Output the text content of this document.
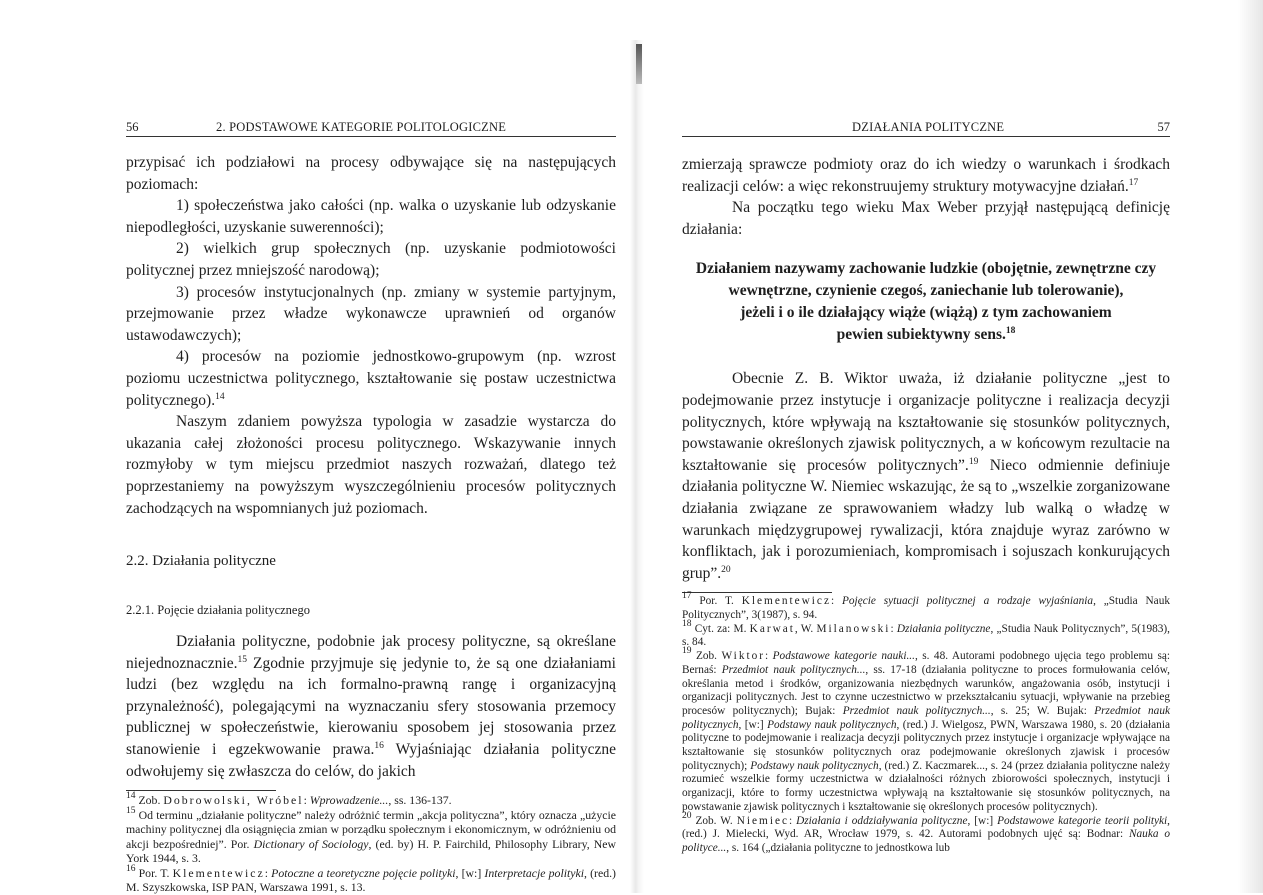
56	2. PODSTAWOWE KATEGORIE POLITOLOGICZNE

przypisać ich podziałowi na procesy odbywające się na następujących poziomach:

1) społeczeństwa jako całości (np. walka o uzyskanie lub odzyskanie niepodległości, uzyskanie suwerenności);

2) wielkich grup społecznych (np. uzyskanie podmiotowości politycznej przez mniejszość narodową);

3) procesów instytucjonalnych (np. zmiany w systemie partyjnym, przejmowanie przez władze wykonawcze uprawnień od organów ustawodawczych);

4) procesów na poziomie jednostkowo-grupowym (np. wzrost poziomu uczestnictwa politycznego, kształtowanie się postaw uczestnictwa politycznego).$^{14}$

Naszym zdaniem powyższa typologia w zasadzie wystarcza do ukazania całej złożoności procesu politycznego. Wskazywanie innych rozmyłoby w tym miejscu przedmiot naszych rozważań, dlatego też poprzestaniemy na powyższym wyszczególnieniu procesów politycznych zachodzących na wspomnianych już poziomach.

2.2. Działania polityczne
2.2.1. Pojęcie działania politycznego

Działania polityczne, podobnie jak procesy polityczne, są określane niejednoznacznie.$^{15}$ Zgodnie przyjmuje się jedynie to, że są one działaniami ludzi (bez względu na ich formalno-prawną rangę i organizacyjną przynależność), polegającymi na wyznaczaniu sfery stosowania przemocy publicznej w społeczeństwie, kierowaniu sposobem jej stosowania przez stanowienie i egzekwowanie prawa.$^{16}$ Wyjaśniając działania polityczne odwołujemy się zwłaszcza do celów, do jakich

$^{14}$ Zob. Dobrowolski, Wróbel: Wprowadzenie..., ss. 136-137.

$^{15}$ Od terminu „działanie polityczne” należy odróżnić termin „akcja polityczna”, który oznacza „użycie machiny politycznej dla osiągnięcia zmian w porządku społecznym i ekonomicznym, w odróżnieniu od akcji bezpośredniej”. Por. Dictionary of Sociology, (ed. by) H. P. Fairchild, Philosophy Library, New York 1944, s. 3.

$^{16}$ Por. T. Klementewicz: Potoczne a teoretyczne pojęcie polityki, [w:] Interpretacje polityki, (red.) M. Szyszkowska, ISP PAN, Warszawa 1991, s. 13.

DZIAŁANIA POLITYCZNE	57

zmierzają sprawcze podmioty oraz do ich wiedzy o warunkach i środkach realizacji celów: a więc rekonstruujemy struktury motywacyjne działań.$^{17}$

Na początku tego wieku Max Weber przyjął następującą definicję działania:

Działaniem nazywamy zachowanie ludzkie (obojętnie, zewnętrzne czy

wewnętrzne, czynienie czegoś, zaniechanie lub tolerowanie),

jeżeli i o ile działający wiąże (wiążą) z tym zachowaniem

pewien subiektywny sens.$^{18}$

Obecnie Z. B. Wiktor uważa, iż działanie polityczne „jest to podejmowanie przez instytucje i organizacje polityczne i realizacja decyzji politycznych, które wpływają na kształtowanie się stosunków politycznych, powstawanie określonych zjawisk politycznych, a w końcowym rezultacie na kształtowanie się procesów politycznych”.$^{19}$ Nieco odmiennie definiuje działania polityczne W. Niemiec wskazując, że są to „wszelkie zorganizowane działania związane ze sprawowaniem władzy lub walką o władzę w warunkach międzygrupowej rywalizacji, która znajduje wyraz zarówno w konfliktach, jak i porozumieniach, kompromisach i sojuszach konkurujących grup”.$^{20}$

$^{17}$ Por. T. Klementewicz: Pojęcie sytuacji politycznej a rodzaje wyjaśniania, „Studia Nauk Politycznych”, 3(1987), s. 94.

$^{18}$ Cyt. za: M. Karwat, W. Milanowski: Działania polityczne, „Studia Nauk Politycznych”, 5(1983), s. 84.

$^{19}$ Zob. Wiktor: Podstawowe kategorie nauki..., s. 48. Autorami podobnego ujęcia tego problemu są: Bernaś: Przedmiot nauk politycznych..., ss. 17-18 (działania polityczne to proces formułowania celów, określania metod i środków, organizowania niezbędnych warunków, angażowania osób, instytucji i organizacji politycznych. Jest to czynne uczestnictwo w przekształcaniu sytuacji, wpływanie na przebieg procesów politycznych); Bujak: Przedmiot nauk politycznych..., s. 25; W. Bujak: Przedmiot nauk politycznych, [w:] Podstawy nauk politycznych, (red.) J. Wielgosz, PWN, Warszawa 1980, s. 20 (działania polityczne to podejmowanie i realizacja decyzji politycznych przez instytucje i organizacje wpływające na kształtowanie się stosunków politycznych oraz podejmowanie określonych zjawisk i procesów politycznych); Podstawy nauk politycznych, (red.) Z. Kaczmarek..., s. 24 (przez działania polityczne należy rozumieć wszelkie formy uczestnictwa w działalności różnych zbiorowości społecznych, instytucji i organizacji, które to formy uczestnictwa wpływają na kształtowanie się stosunków politycznych, na powstawanie zjawisk politycznych i kształtowanie się określonych procesów politycznych).

$^{20}$ Zob. W. Niemiec: Działania i oddziaływania polityczne, [w:] Podstawowe kategorie teorii polityki, (red.) J. Mielecki, Wyd. AR, Wrocław 1979, s. 42. Autorami podobnych ujęć są: Bodnar: Nauka o polityce..., s. 164 („działania polityczne to jednostkowa lub
